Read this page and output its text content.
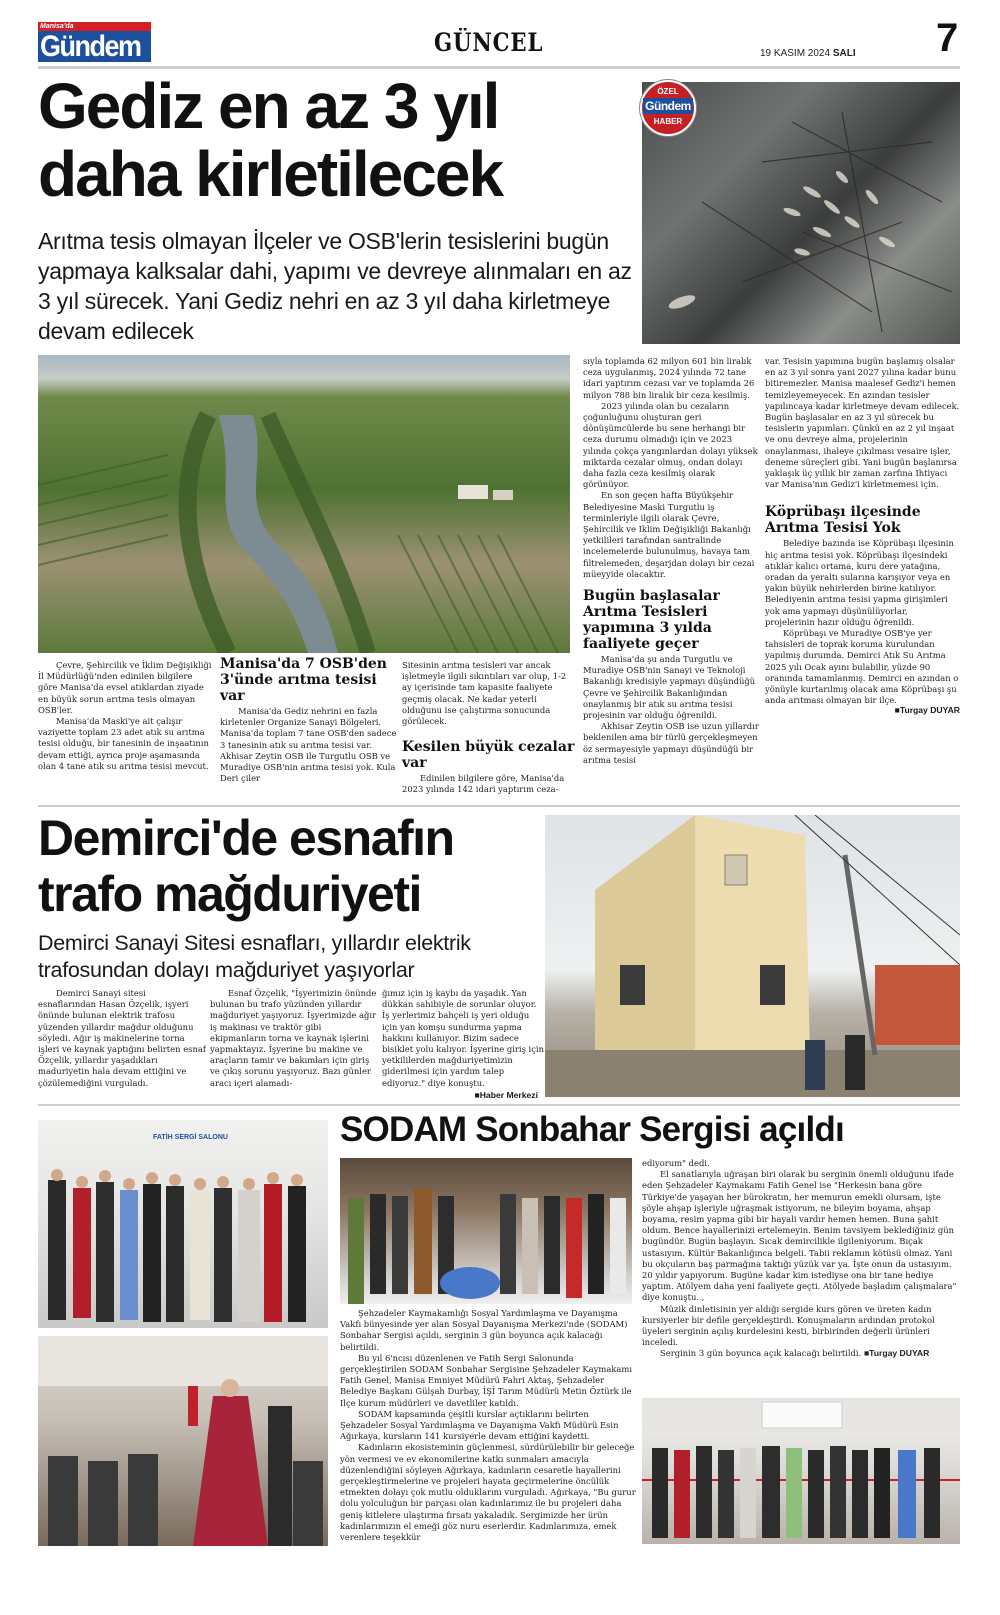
Manisa'da
Gündem	GÜNCEL	19 KASIM 2024 SALI 7
Gediz en az 3 yıl
daha kirletilecek
Arıtma tesis olmayan İlçeler ve OSB'lerin tesislerini bugün yapmaya kalksalar dahi, yapımı ve devreye alınmaları en az 3 yıl sürecek. Yani Gediz nehri en az 3 yıl daha kirletmeye devam edilecek
ÖZEL
Gündem
HABER

Çevre, Şehircilik ve İklim Değişikliği İl Müdürlüğü'nden edinilen bilgilere göre Manisa'da evsel atıklardan ziyade en büyük sorun arıtma tesis olmayan OSB'ler.

Manisa'da Maski'ye ait çalışır vaziyette toplam 23 adet atık su arıtma tesisi olduğu, bir tanesinin de inşaatının devam ettiği, ayrıca proje aşamasında olan 4 tane atık su arıtma tesisi mevcut.

Manisa'da 7 OSB'den 3'ünde arıtma tesisi var

Manisa'da Gediz nehrini en fazla kirletenler Organize Sanayi Bölgeleri. Manisa'da toplam 7 tane OSB'den sadece 3 tanesinin atık su arıtma tesisi var. Akhisar Zeytin OSB ile Turgutlu OSB ve Muradiye OSB'nin arıtma tesisi yok. Kula Deri çiler

Sitesinin arıtma tesisleri var ancak işletmeyle ilgili sıkıntıları var olup, 1-2 ay içerisinde tam kapasite faaliyete geçmiş olacak. Ne kadar yeterli olduğunu ise çalıştırma sonucunda görülecek.

Kesilen büyük cezalar var

Edinilen bilgilere göre, Manisa'da 2023 yılında 142 idari yaptırım ceza-

sıyla toplamda 62 milyon 601 bin liralık ceza uygulanmış, 2024 yılında 72 tane idari yaptırım cezası var ve toplamda 26 milyon 788 bin liralık bir ceza kesilmiş.

2023 yılında olan bu cezaların çoğunluğunu oluşturan geri dönüşümcülerde bu sene herhangi bir ceza durumu olmadığı için ve 2023 yılında çokça yangınlardan dolayı yüksek miktarda cezalar olmuş, ondan dolayı daha fazla ceza kesilmiş olarak görünüyor.

En son geçen hafta Büyükşehir Belediyesine Maski Turgutlu iş terminleriyle ilgili olarak Çevre, Şehircilik ve Iklim Değişikliği Bakanlığı yetkilileri tarafından santralinde incelemelerde bulunulmuş, havaya tam filtrelemeden, deşarjdan dolayı bir cezai müeyyide olacaktır.

Bugün başlasalar Arıtma Tesisleri yapımına 3 yılda faaliyete geçer

Manisa'da şu anda Turgutlu ve Muradiye OSB'nin Sanayi ve Teknoloji Bakanlığı kredisiyle yapmayı düşündüğü Çevre ve Şehircilik Bakanlığından onaylanmış bir atık su arıtma tesisi projesinin var olduğu öğrenildi.

Akhisar Zeytin OSB ise uzun yıllardır beklenilen ama bir türlü gerçekleşmeyen öz sermayesiyle yapmayı düşündüğü bir arıtma tesisi

var. Tesisin yapımına bugün başlamış olsalar en az 3 yıl sonra yani 2027 yılına kadar bunu bitiremezler. Manisa maalesef Gediz'i hemen temizleyemeyecek. En azından tesisler yapılıncaya kadar kirletmeye devam edilecek. Bugün başlasalar en az 3 yıl sürecek bu tesislerin yapımları. Çünkü en az 2 yıl inşaat ve onu devreye alma, projelerinin onaylanması, ihaleye çıkılması vesaire işler, deneme süreçleri gibi. Yani bugün başlanırsa yaklaşık üç yıllık bir zaman zarfına Ihtiyacı var Manisa'nın Gediz'i kirletmemesi için.

Köprübaşı ilçesinde Arıtma Tesisi Yok

Belediye bazında ise Köprübaşı ilçesinin hiç arıtma tesisi yok. Köprübaşı ilçesindeki atıklar kalıcı ortama, kuru dere yatağına, oradan da yeraltı sularına karışıyor veya en yakın büyük nehirlerden birine katılıyor. Belediyenin arıtma tesisi yapma girişimleri yok ama yapmayı düşünülüyorlar, projelerinin hazır olduğu öğrenildi.

Köprübaşı ve Muradiye OSB'ye yer tahsisleri de toprak koruma kurulundan yapılmış durumda. Demirci Atık Su Arıtma 2025 yılı Ocak ayını bulabilir, yüzde 90 oranında tamamlanmış. Demirci en azından o yönüyle kurtarılmış olacak ama Köprübaşı şu anda arıtması olmayan bir ilçe.

■ Turgay DUYAR
Demirci'de esnafın
trafo mağduriyeti
Demirci Sanayi Sitesi esnafları, yıllardır elektrik trafosundan dolayı mağduriyet yaşıyorlar

Demirci Sanayi sitesi esnaflarından Hasan Özçelik, işyeri önünde bulunan elektrik trafosu yüzenden yıllardır mağdur olduğunu söyledi. Ağır iş makinelerine torna işleri ve kaynak yaptığını belirten esnaf Özçelik, yıllardır yaşadıkları maduriyetin hala devam ettiğini ve çözülemediğini vurguladı.

Esnaf Özçelik, "İşyerimizin önünde bulunan bu trafo yüzünden yıllardır mağduriyet yaşıyoruz. İşyerimizde ağır iş makinası ve traktör gibi ekipmanların torna ve kaynak işlerini yapmaktayız. İşyerine bu makine ve araçların tamir ve bakımları için giriş ve çıkış sorunu yaşıyoruz. Bazı günler aracı içeri alamadı-

ğımız için iş kaybı da yaşadık. Yan dükkan sahibiyle de sorunlar oluyor. İş yerlerimiz bahçeli iş yeri olduğu için yan komşu sundurma yapma hakkını kullanıyor. Bizim sadece bisiklet yolu kalıyor. İşyerine giriş için yetkililerden mağduriyetimizin giderilmesi için yardım talep ediyoruz." diye konuştu.

■ Haber Merkezi
SODAM Sonbahar Sergisi açıldı
FATİH SERGİ SALONU

Şehzadeler Kaymakamlığı Sosyal Yardımlaşma ve Dayanışma Vakfı bünyesinde yer alan Sosyal Dayanışma Merkezi'nde (SODAM) Sonbahar Sergisi açıldı, serginin 3 gün boyunca açık kalacağı belirtildi.

Bu yıl 6'ncısı düzenlenen ve Fatih Sergi Salonunda gerçekleştirilen SODAM Sonbahar Sergisine Şehzadeler Kaymakamı Fatih Genel, Manisa Emniyet Müdürü Fahri Aktaş, Şehzadeler Belediye Başkanı Gülşah Durbay, İŞİ Tarım Müdürü Metin Öztürk ile Ilçe kurum müdürleri ve davetliler katıldı.

SODAM kapsamında çeşitli kurslar açtıklarını belirten Şehzadeler Sosyal Yardımlaşma ve Dayanışma Vakfı Müdürü Esin Ağırkaya, kursların 141 kursiyerle devam ettiğini kaydetti.

Kadınların ekosisteminin güçlenmesi, sürdürülebilir bir geleceğe yön vermesi ve ev ekonomilerine katkı sunmaları amacıyla düzenlendiğini söyleyen Ağırkaya, kadınların cesaretle hayallerini gerçekleştirmelerine ve projeleri hayata geçirmelerine öncülük etmekten dolayı çok mutlu olduklarını vurguladı. Ağırkaya, "Bu gurur dolu yolculuğun bir parçası olan kadınlarımız ile bu projeleri daha geniş kitlelere ulaştırma fırsatı yakaladık. Sergimizde her ürün kadınlarımızın el emeği göz nuru eserlerdir. Kadınlarımıza, emek verenlere teşekkür

ediyorum" dedi.

El sanatlarıyla uğraşan biri olarak bu serginin önemli olduğunu ifade eden Şehzadeler Kaymakamı Fatih Genel ise "Herkesin bana göre Türkiye'de yaşayan her bürokratın, her memurun emekli olursam, işte şöyle ahşap işleriyle uğraşmak istiyorum, ne bileyim boyama, ahşap boyama, resim yapma gibi bir hayali vardır hemen hemen. Buna şahit oldum. Bence hayallerinizi ertelemeyin. Benim tavsiyem beklediğiniz gün bugündür. Bugün başlayın. Sıcak demircilikle ilgileniyorum. Bıçak ustasıyım. Kültür Bakanlığınca belgeli. Tabii reklamın kötüsü olmaz. Yani bu okçuların baş parmağına taktığı yüzük var ya. İşte onun da ustasıyım. 20 yıldır yapıyorum. Bugüne kadar kim istediyse ona bir tane hediye yaptım. Atölyem daha yeni faaliyete geçti. Atölyede başladım çalışmalara" diye konuştu. ,

Müzik dinletisinin yer aldığı sergide kurs gören ve üreten kadın kursiyerler bir defile gerçekleştirdi. Konuşmaların ardından protokol üyeleri serginin açılış kurdelesini kesti, birbirinden değerli ürünleri inceledi.

Serginin 3 gün boyunca açık kalacağı belirtildi. ■ Turgay DUYAR
